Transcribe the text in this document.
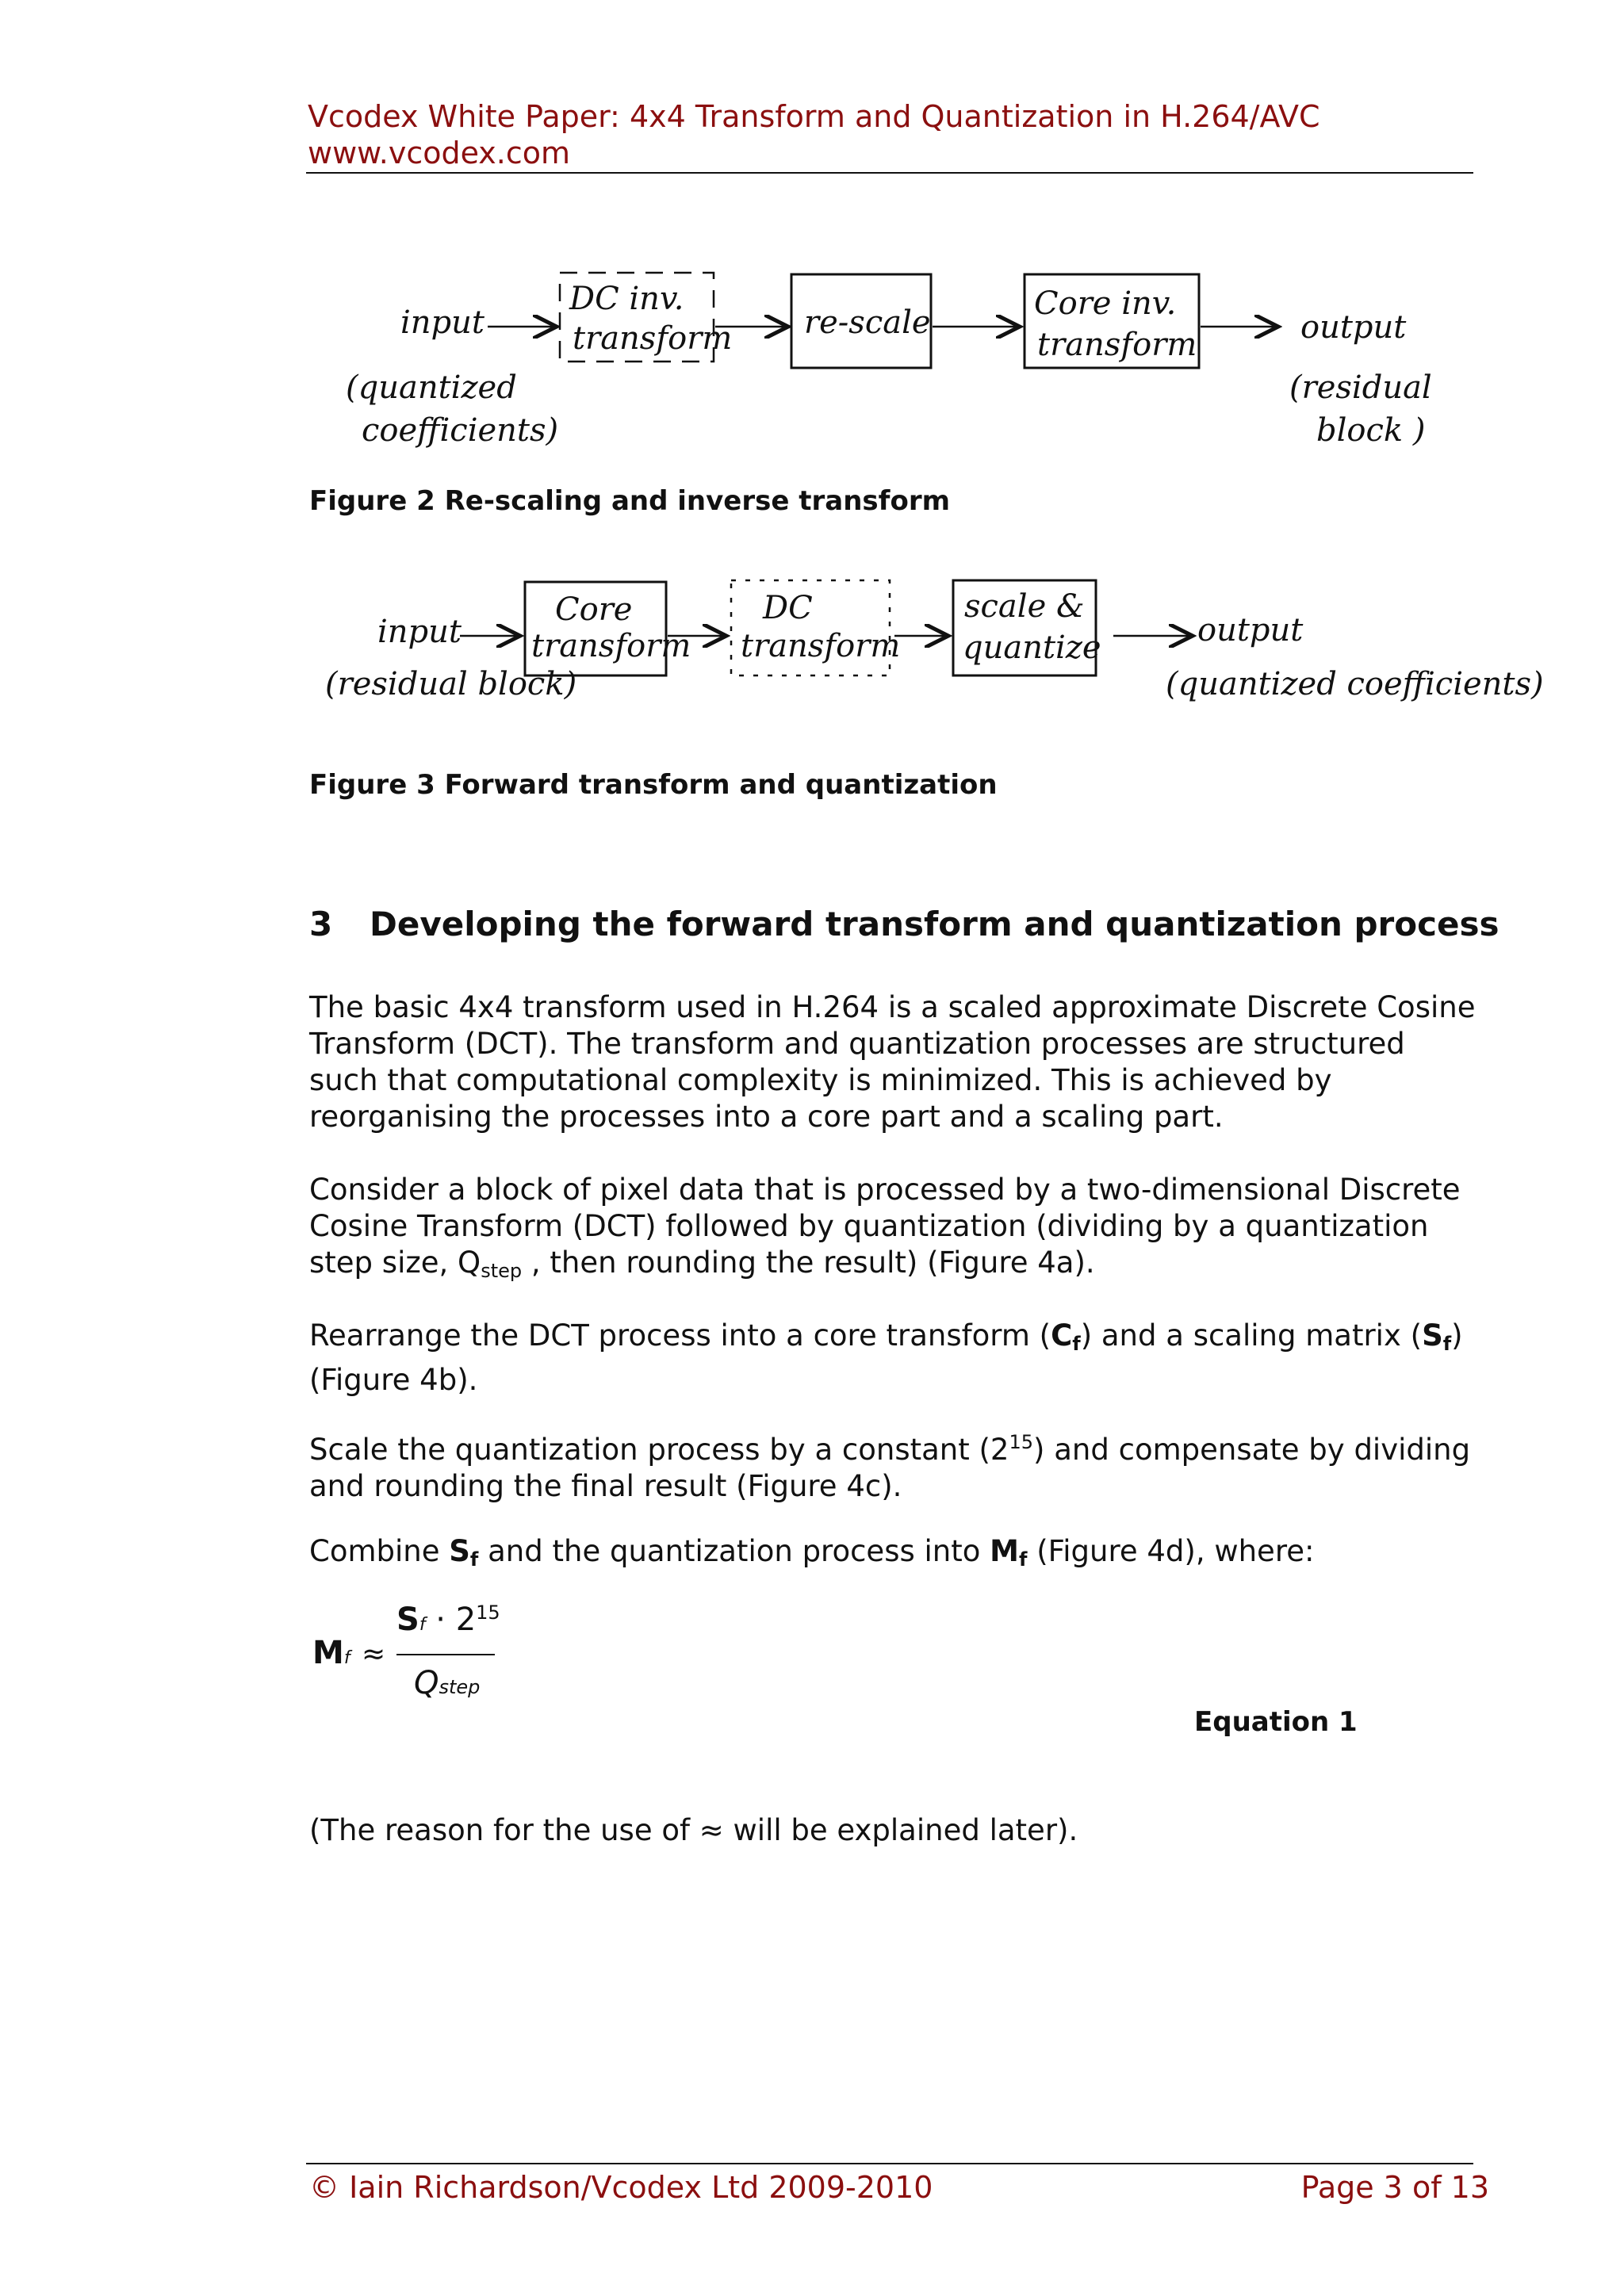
Vcodex White Paper: 4x4 Transform and Quantization in H.264/AVC
www.vcodex.com
input
DC inv.
transform re-scale
Core inv.
transform	output
(quantized
coefficients)
(residual
block )
Figure 2 Re-scaling and inverse transform
input
Core
transform
DC
transform
scale &
quantize	output
(residual block)	(quantized coefficients)
Figure 3 Forward transform and quantization
3 Developing the forward transform and quantization process

The basic 4x4 transform used in H.264 is a scaled approximate Discrete Cosine Transform (DCT). The transform and quantization processes are structured such that computational complexity is minimized. This is achieved by reorganising the processes into a core part and a scaling part.

Consider a block of pixel data that is processed by a two-dimensional Discrete Cosine Transform (DCT) followed by quantization (dividing by a quantization step size, $Q_{step}$ , then rounding the result) (Figure 4a).

Rearrange the DCT process into a core transform $(C_f)$ and a scaling matrix $(S_f)$ (Figure 4b).

Scale the quantization process by a constant $(2^{15})$ and compensate by dividing and rounding the final result (Figure 4c).

Combine $S_f$ and the quantization process into $M_f$ (Figure 4d), where:

Mf ≈
$Sf \cdot 2^{15}$
Qstep
Equation 1

(The reason for the use of ≈ will be explained later).

© Iain Richardson/Vcodex Ltd 2009-2010	Page 3 of 13
